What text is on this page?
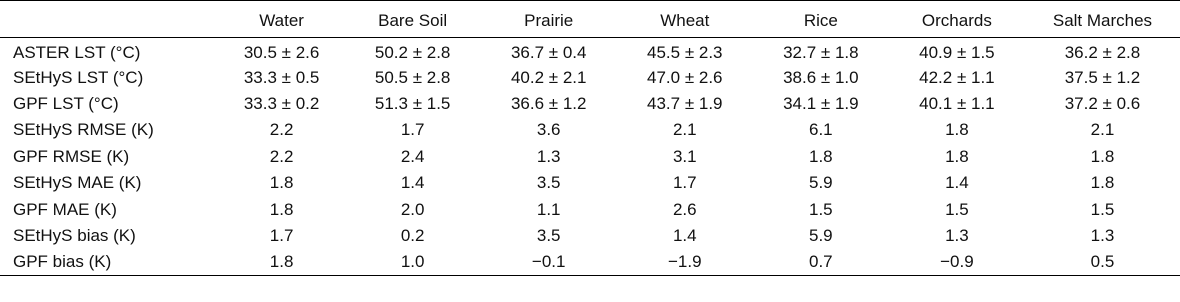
	Water	Bare Soil	Prairie	Wheat	Rice	Orchards	Salt Marches
ASTER LST (°C)	30.5 ± 2.6	50.2 ± 2.8	36.7 ± 0.4	45.5 ± 2.3	32.7 ± 1.8	40.9 ± 1.5	36.2 ± 2.8
SEtHyS LST (°C)	33.3 ± 0.5	50.5 ± 2.8	40.2 ± 2.1	47.0 ± 2.6	38.6 ± 1.0	42.2 ± 1.1	37.5 ± 1.2
GPF LST (°C)	33.3 ± 0.2	51.3 ± 1.5	36.6 ± 1.2	43.7 ± 1.9	34.1 ± 1.9	40.1 ± 1.1	37.2 ± 0.6
SEtHyS RMSE (K)	2.2	1.7	3.6	2.1	6.1	1.8	2.1
GPF RMSE (K)	2.2	2.4	1.3	3.1	1.8	1.8	1.8
SEtHyS MAE (K)	1.8	1.4	3.5	1.7	5.9	1.4	1.8
GPF MAE (K)	1.8	2.0	1.1	2.6	1.5	1.5	1.5
SEtHyS bias (K)	1.7	0.2	3.5	1.4	5.9	1.3	1.3
GPF bias (K)	1.8	1.0	−0.1	−1.9	0.7	−0.9	0.5
